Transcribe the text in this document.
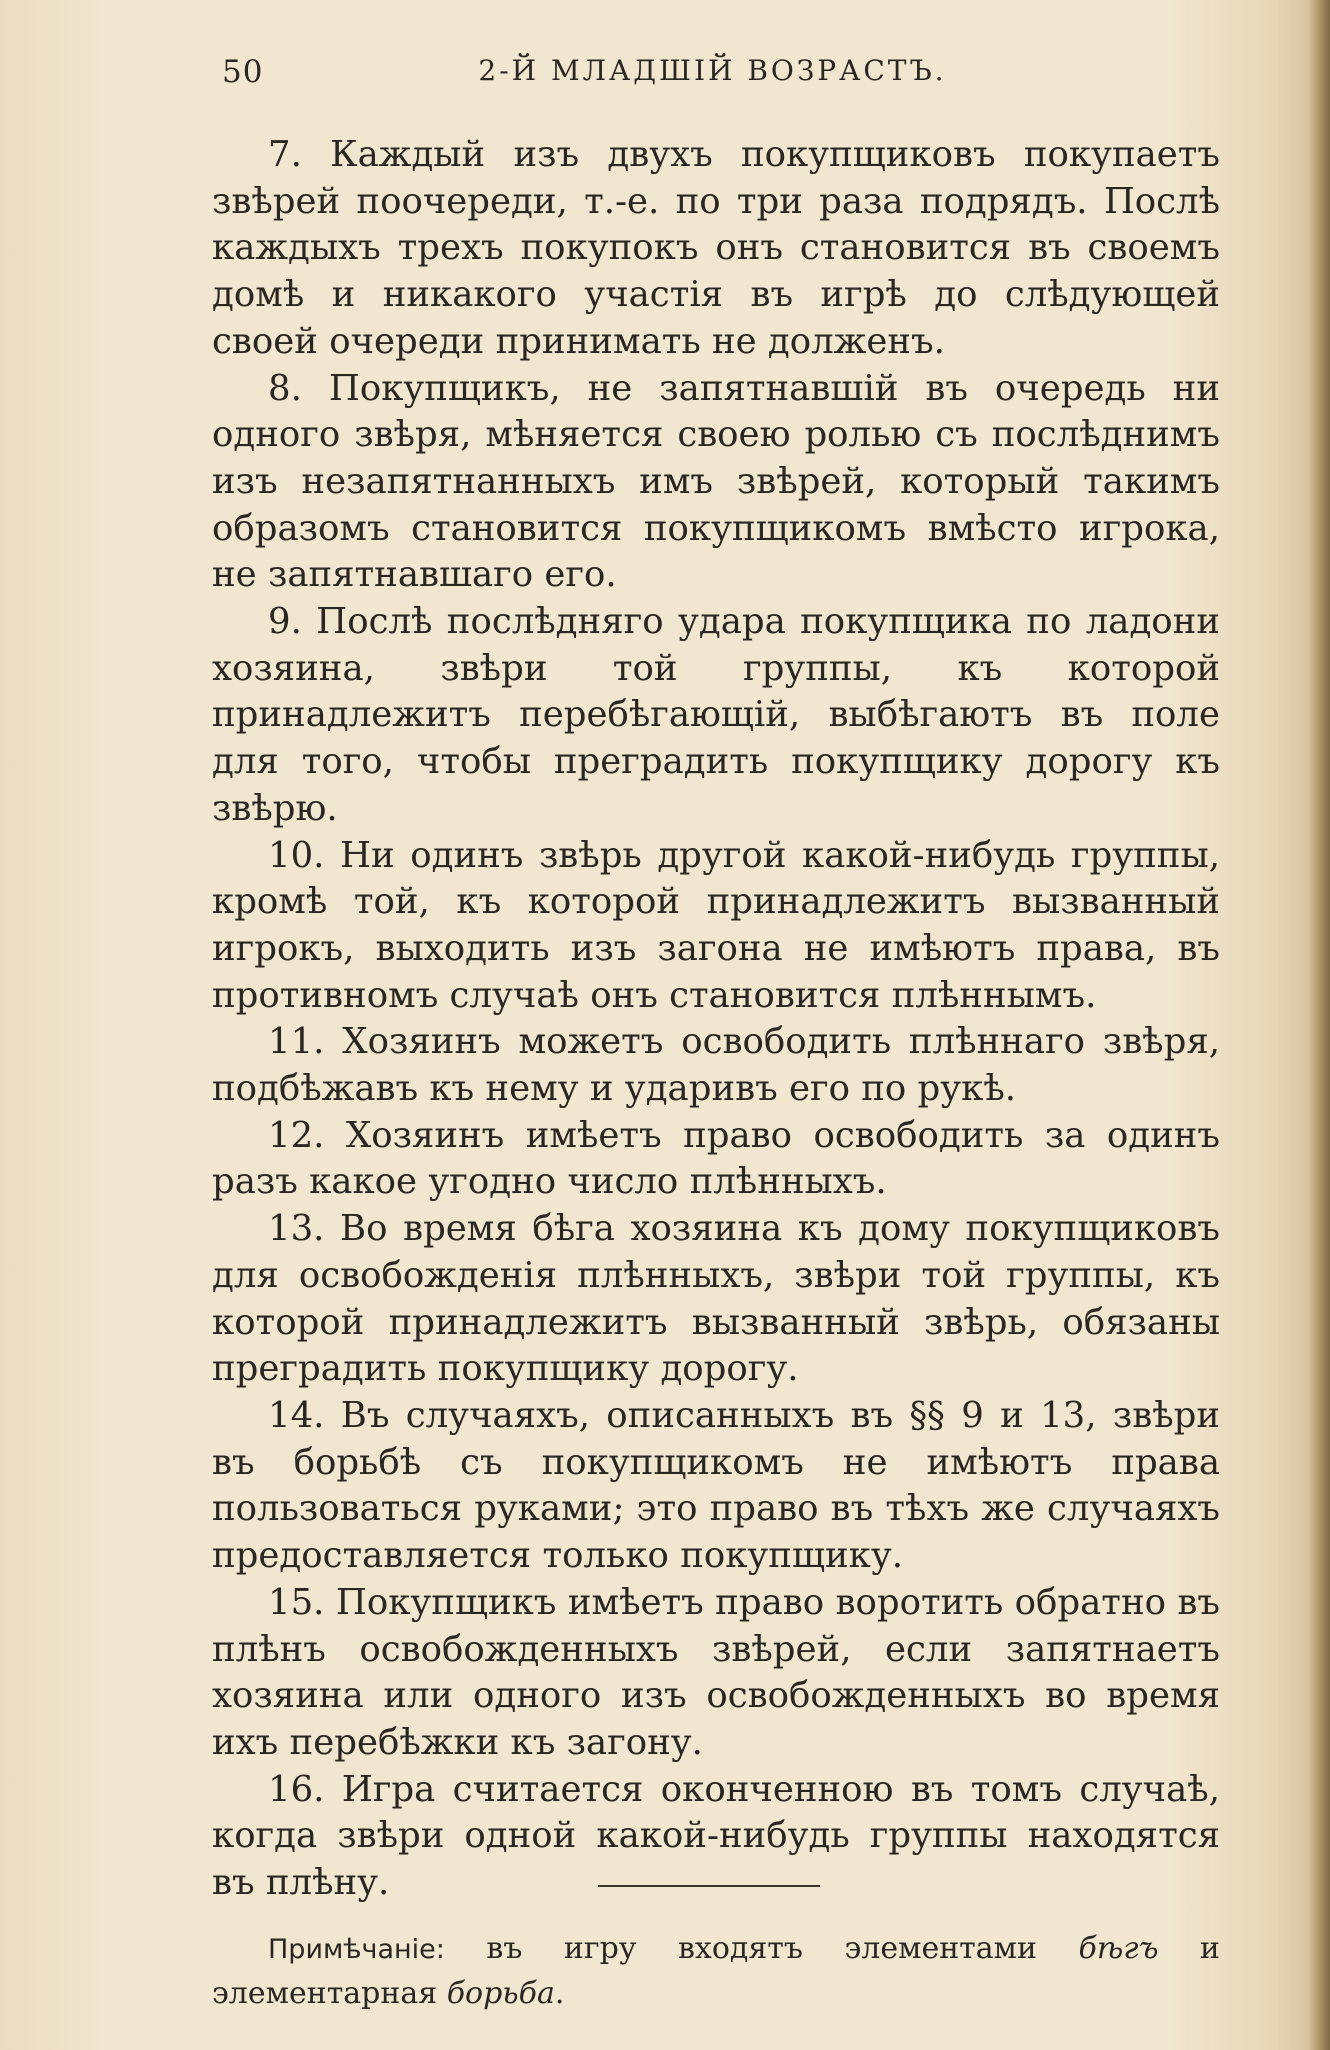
50	2-Й МЛАДШІЙ ВОЗРАСТЪ.

7. Каждый изъ двухъ покупщиковъ покупаетъ звѣрей поочереди, т.-е. по три раза подрядъ. Послѣ каждыхъ трехъ покупокъ онъ становится въ своемъ домѣ и никакого участія въ игрѣ до слѣдующей своей очереди принимать не долженъ.

8. Покупщикъ, не запятнавшій въ очередь ни одного звѣря, мѣняется своею ролью съ послѣднимъ изъ незапятнанныхъ имъ звѣрей, который такимъ образомъ становится покупщикомъ вмѣсто игрока, не запятнавшаго его.

9. Послѣ послѣдняго удара покупщика по ладони хозяина, звѣри той группы, къ которой принадлежитъ перебѣгающій, выбѣгаютъ въ поле для того, чтобы преградить покупщику дорогу къ звѣрю.

10. Ни одинъ звѣрь другой какой-нибудь группы, кромѣ той, къ которой принадлежитъ вызванный игрокъ, выходить изъ загона не имѣютъ права, въ противномъ случаѣ онъ становится плѣннымъ.

11. Хозяинъ можетъ освободить плѣннаго звѣря, подбѣжавъ къ нему и ударивъ его по рукѣ.

12. Хозяинъ имѣетъ право освободить за одинъ разъ какое угодно число плѣнныхъ.

13. Во время бѣга хозяина къ дому покупщиковъ для освобожденія плѣнныхъ, звѣри той группы, къ которой принадлежитъ вызванный звѣрь, обязаны преградить покупщику дорогу.

14. Въ случаяхъ, описанныхъ въ §§ 9 и 13, звѣри въ борьбѣ съ покупщикомъ не имѣютъ права пользоваться руками; это право въ тѣхъ же случаяхъ предоставляется только покупщику.

15. Покупщикъ имѣетъ право воротить обратно въ плѣнъ освобожденныхъ звѣрей, если запятнаетъ хозяина или одного изъ освобожденныхъ во время ихъ перебѣжки къ загону.

16. Игра считается оконченною въ томъ случаѣ, когда звѣри одной какой-нибудь группы находятся въ плѣну.

Примѣчаніе: въ игру входятъ элементами бѣгъ и элементарная борьба.
